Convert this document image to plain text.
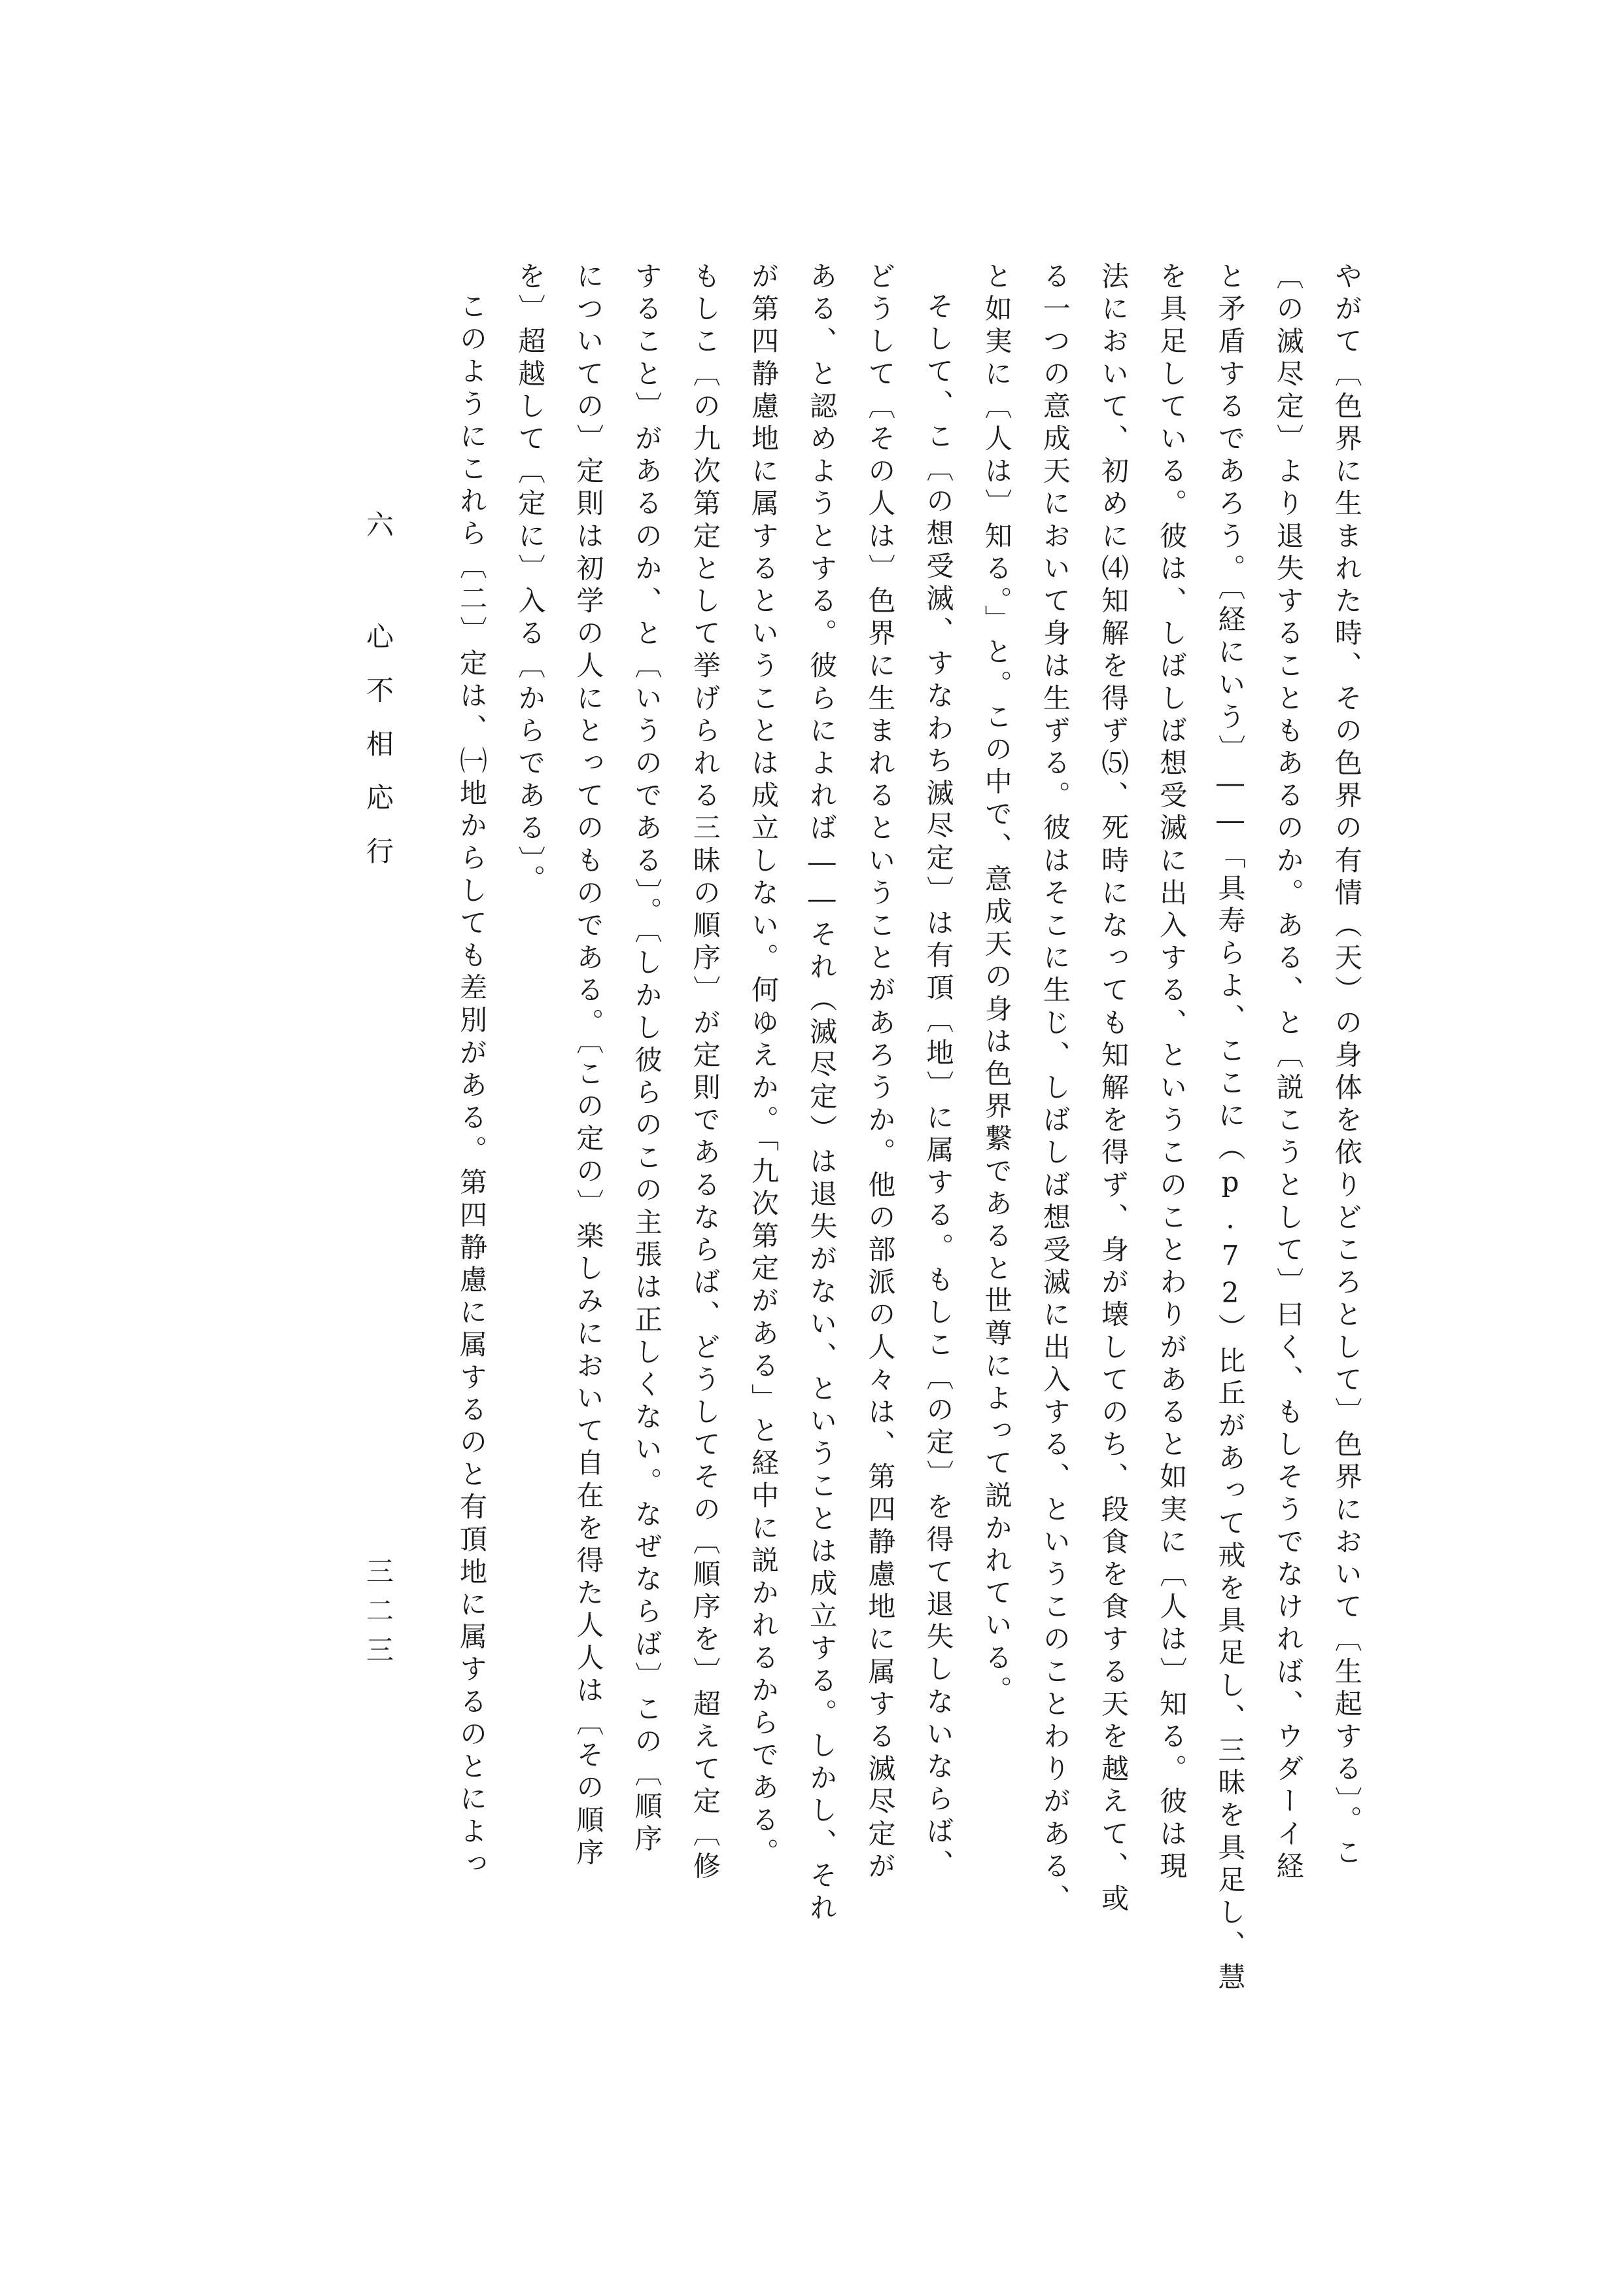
やがて〔色界に生まれた時、その色界の有情（天）の身体を依りどころとして〕色界において〔生起する〕。こ
〔の滅尽定〕より退失することもあるのか。ある、と〔説こうとして〕曰く、もしそうでなければ、ウダーイ経
と矛盾するであろう。〔経にいう〕――「具寿らよ、ここに（p.72）比丘があって戒を具足し、三昧を具足し、慧
を具足している。彼は、しばしば想受滅に出入する、というこのことわりがあると如実に〔人は〕知る。彼は現
法において、初めに⑷知解を得ず⑸、死時になっても知解を得ず、身が壊してのち、段食を食する天を越えて、或
る一つの意成天において身は生ずる。彼はそこに生じ、しばしば想受滅に出入する、というこのことわりがある、
と如実に〔人は〕知る。」と。この中で、意成天の身は色界繋であると世尊によって説かれている。
そして、こ〔の想受滅、すなわち滅尽定〕は有頂〔地〕に属する。もしこ〔の定〕を得て退失しないならば、
どうして〔その人は〕色界に生まれるということがあろうか。他の部派の人々は、第四静慮地に属する滅尽定が
ある、と認めようとする。彼らによれば――それ（滅尽定）は退失がない、ということは成立する。しかし、それ
が第四静慮地に属するということは成立しない。何ゆえか。「九次第定がある」と経中に説かれるからである。
もしこ〔の九次第定として挙げられる三昧の順序〕が定則であるならば、どうしてその〔順序を〕超えて定〔修
すること〕があるのか、と〔いうのである〕。〔しかし彼らのこの主張は正しくない。なぜならば〕この〔順序
についての〕定則は初学の人にとってのものである。〔この定の〕楽しみにおいて自在を得た人人は〔その順序
を〕超越して〔定に〕入る〔からである〕。
このようにこれら〔二〕定は、㈠地からしても差別がある。第四静慮に属するのと有頂地に属するのとによっ
六 心不相応行
三二三
